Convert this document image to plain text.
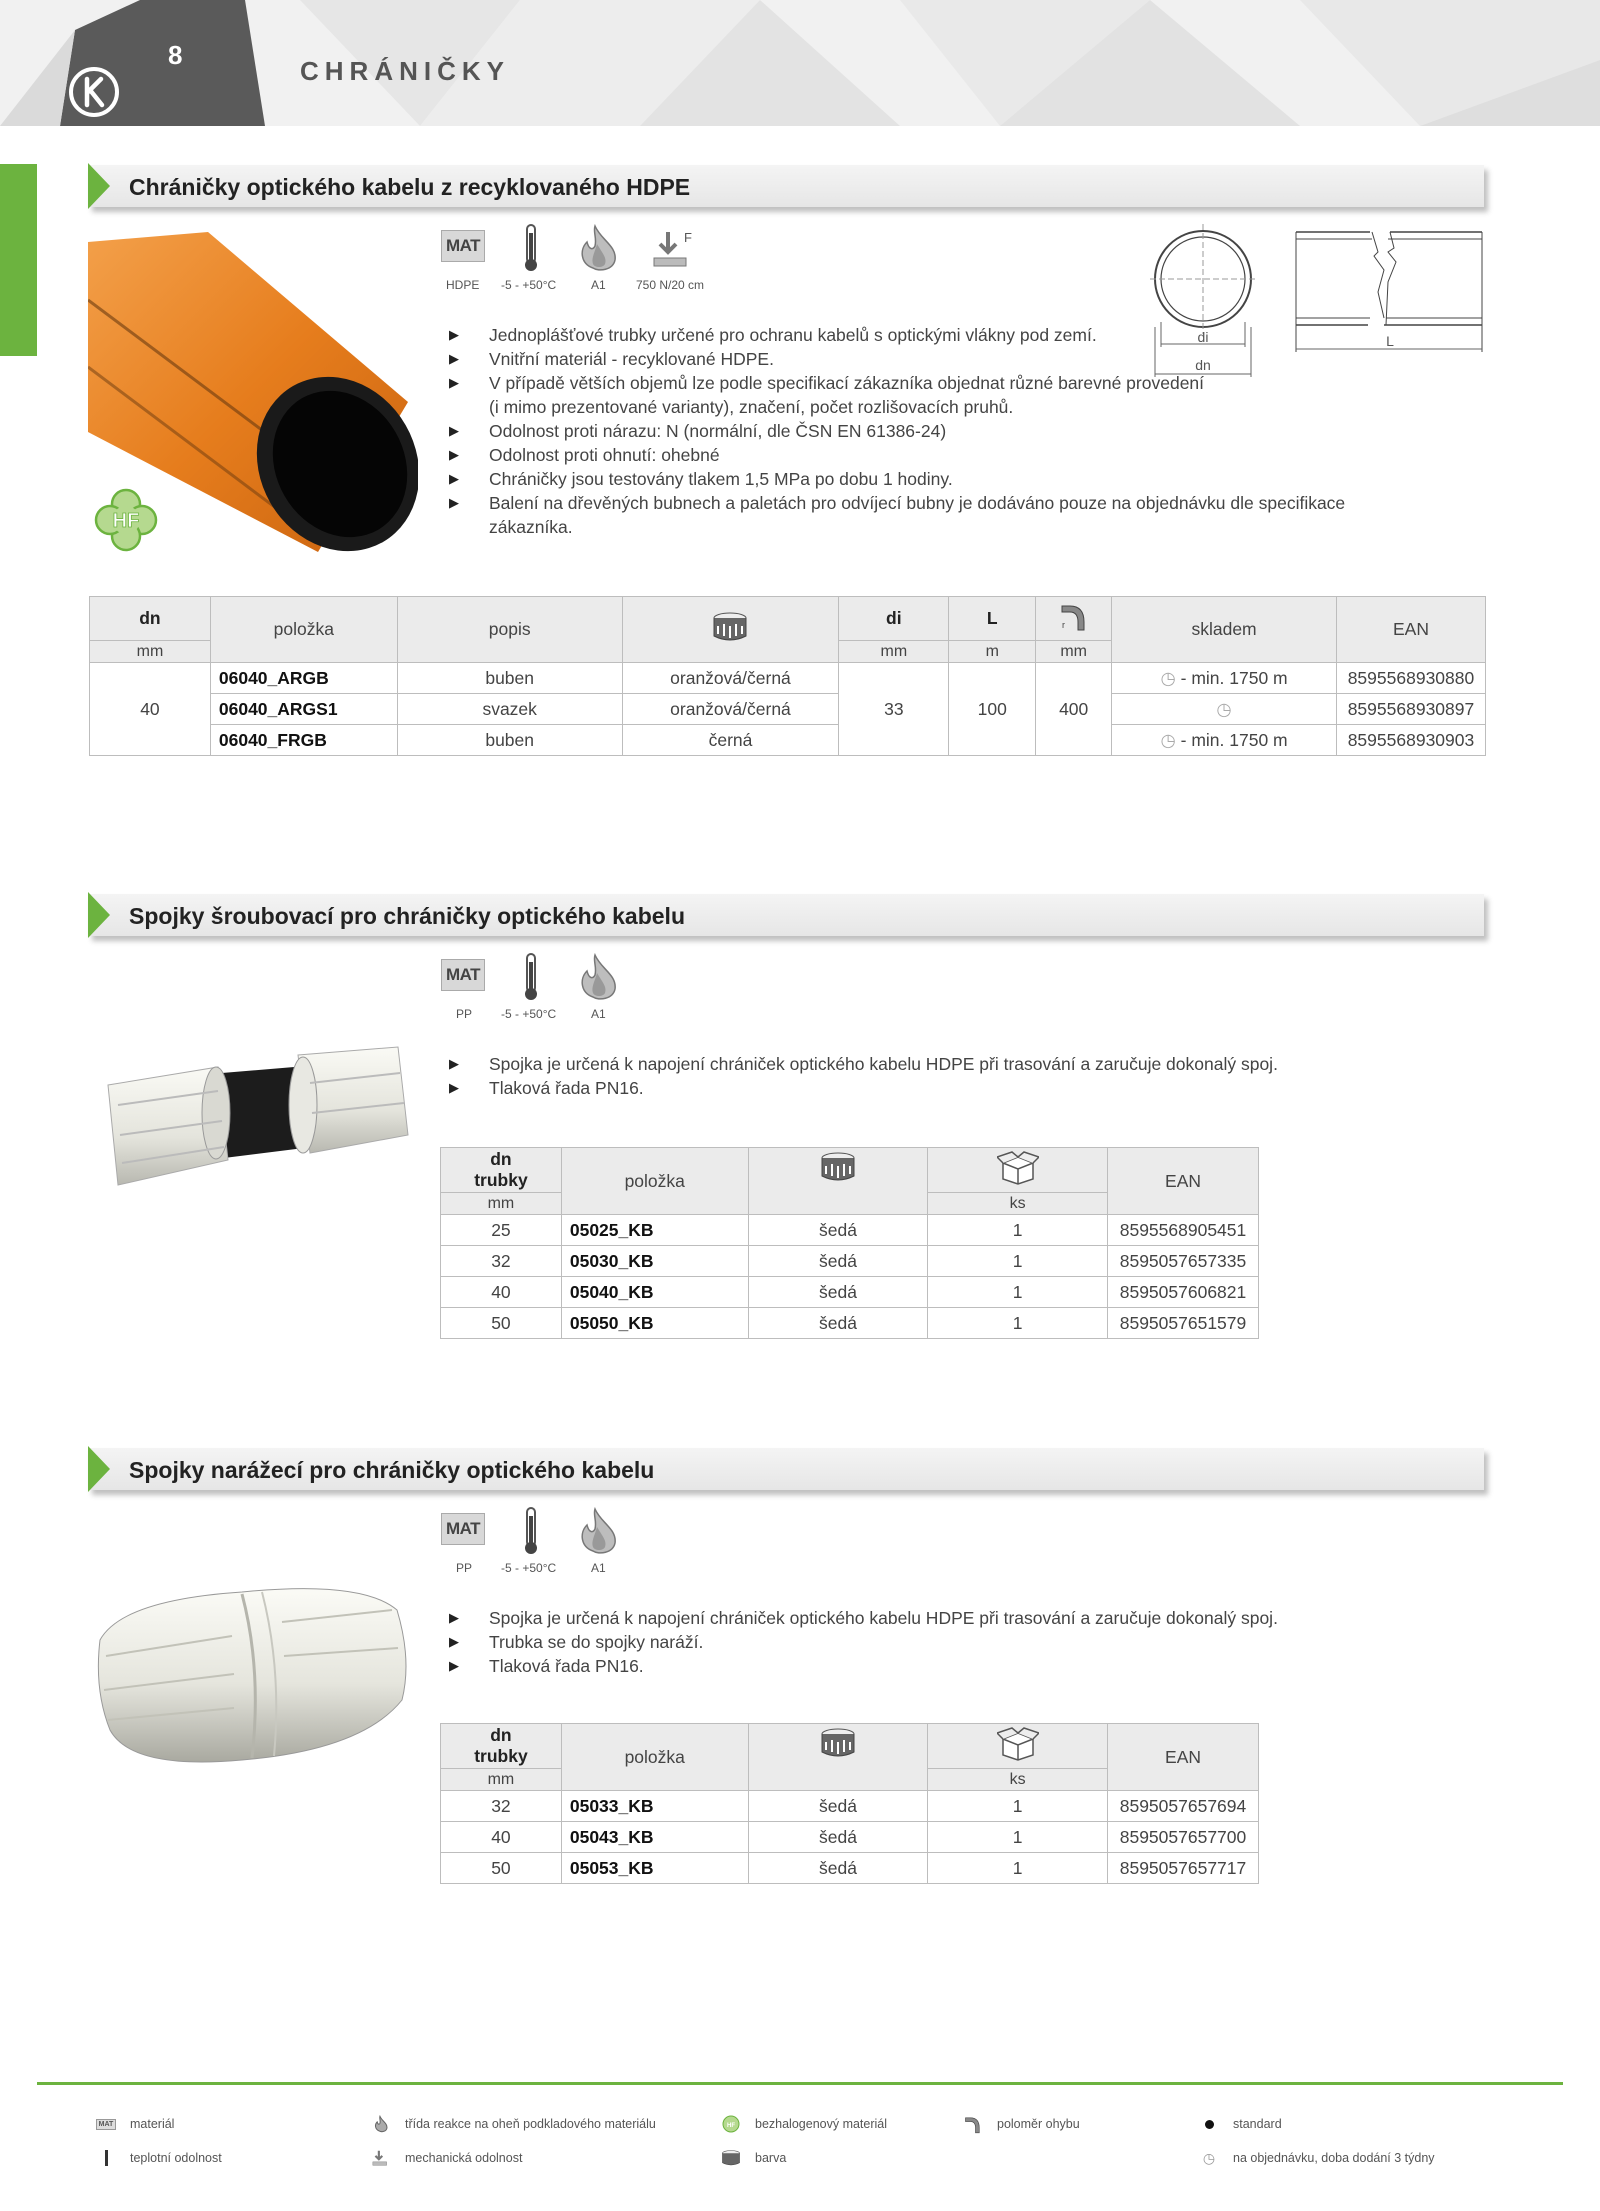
8
CHRÁNIČKY
Chráničky optického kabelu z recyklovaného HDPE
HF
MAT	F
HDPE -5 - +50°C	A1	750 N/20 cm
di
dn
L
▶ Jednoplášťové trubky určené pro ochranu kabelů s optickými vlákny pod zemí.
▶ Vnitřní materiál - recyklované HDPE.
▶ V případě větších objemů lze podle specifikací zákazníka objednat různé barevné provedení (i mimo prezentované varianty), značení, počet rozlišovacích pruhů.
▶ Odolnost proti nárazu: N (normální, dle ČSN EN 61386-24)
▶ Odolnost proti ohnutí: ohebné
▶ Chráničky jsou testovány tlakem 1,5 MPa po dobu 1 hodiny.
▶ Balení na dřevěných bubnech a paletách pro odvíjecí bubny je dodáváno pouze na objednávku dle specifikace zákazníka.
dn	položka	popis		di	L	r	skladem	EAN
mm				mm	m	mm		
40	06040_ARGB	buben	oranžová/černá	33	100	400	◷ - min. 1750 m	8595568930880
	06040_ARGS1	svazek	oranžová/černá				◷	8595568930897
	06040_FRGB	buben	černá				◷ - min. 1750 m	8595568930903
Spojky šroubovací pro chráničky optického kabelu
MAT
PP -5 - +50°C	A1
▶ Spojka je určená k napojení chrániček optického kabelu HDPE při trasování a zaručuje dokonalý spoj.
▶ Tlaková řada PN16.
dn
trubky	položka			EAN
mm			ks	
25	05025_KB	šedá	1	8595568905451
32	05030_KB	šedá	1	8595057657335
40	05040_KB	šedá	1	8595057606821
50	05050_KB	šedá	1	8595057651579
Spojky narážecí pro chráničky optického kabelu
MAT
PP -5 - +50°C	A1
▶ Spojka je určená k napojení chrániček optického kabelu HDPE při trasování a zaručuje dokonalý spoj.
▶ Trubka se do spojky naráží.
▶ Tlaková řada PN16.
dn
trubky	položka			EAN
mm			ks	
32	05033_KB	šedá	1	8595057657694
40	05043_KB	šedá	1	8595057657700
50	05053_KB	šedá	1	8595057657717
MAT materiál	třída reakce na oheň podkladového materiálu	HF bezhalogenový materiál	poloměr ohybu	standard
teplotní odolnost	mechanická odolnost	barva	◷	na objednávku, doba dodání 3 týdny
